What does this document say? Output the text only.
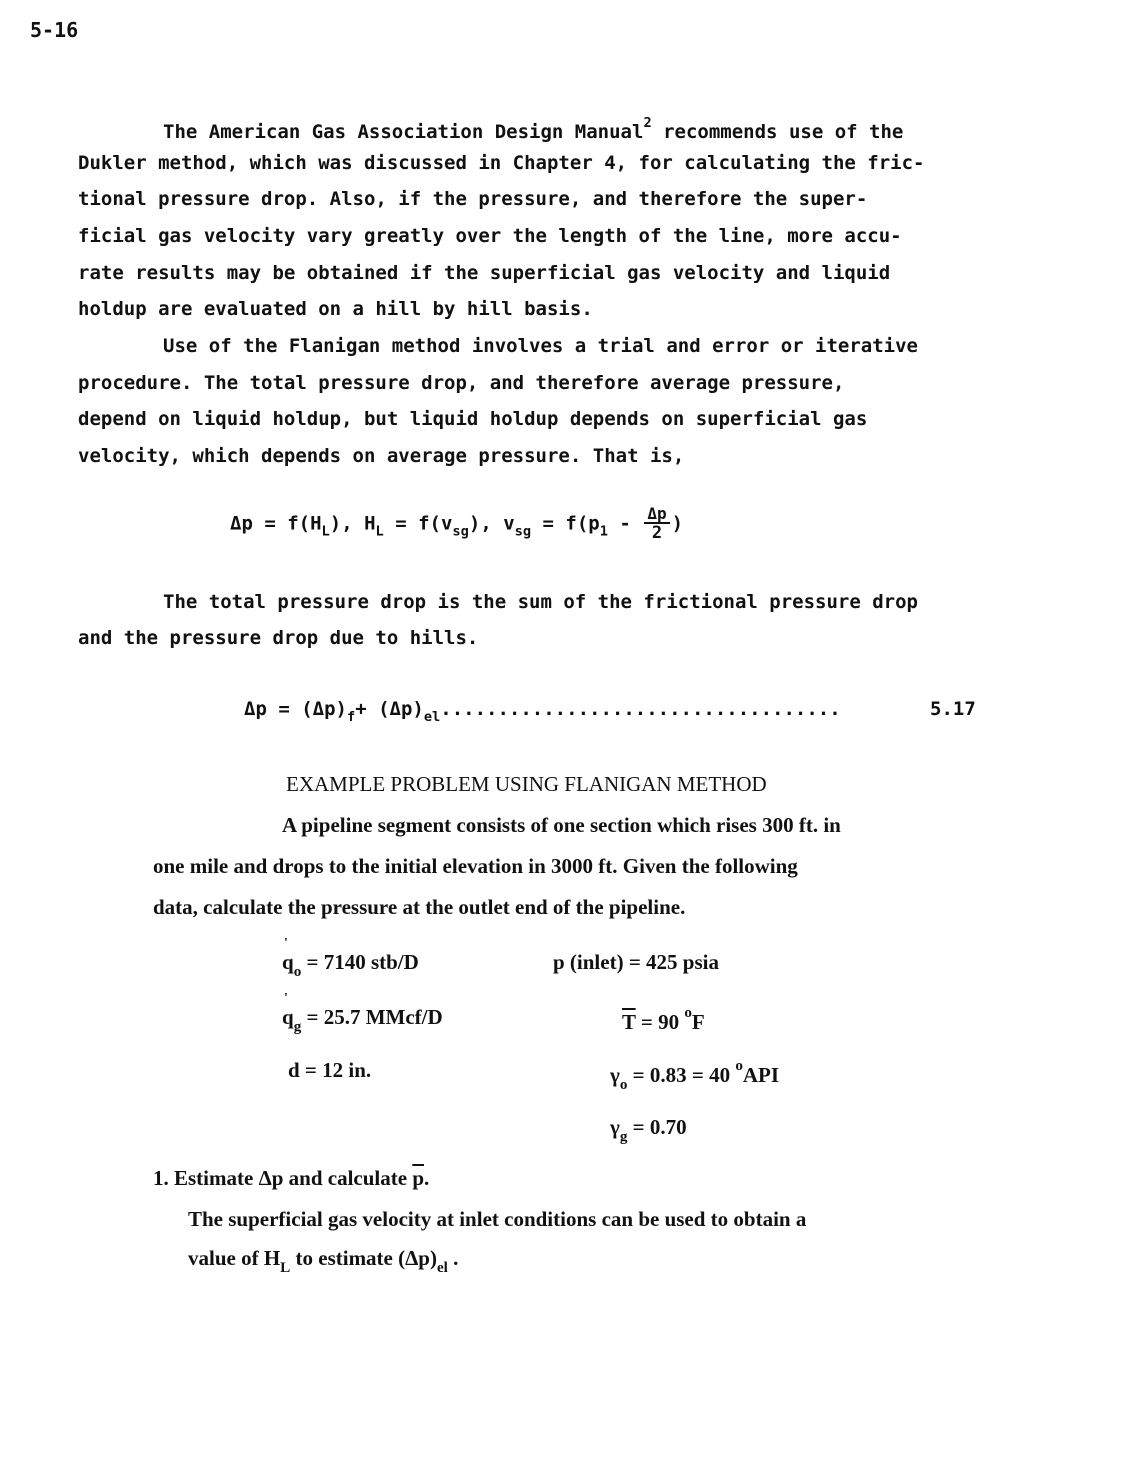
5-16
The American Gas Association Design Manual$^2$ recommends use of the
Dukler method, which was discussed in Chapter 4, for calculating the fric-
tional pressure drop. Also, if the pressure, and therefore the super-
ficial gas velocity vary greatly over the length of the line, more accu-
rate results may be obtained if the superficial gas velocity and liquid
holdup are evaluated on a hill by hill basis.
Use of the Flanigan method involves a trial and error or iterative
procedure. The total pressure drop, and therefore average pressure,
depend on liquid holdup, but liquid holdup depends on superficial gas
velocity, which depends on average pressure. That is,
$\Delta p = f(H_L)$, $H_L = f(v_{sg})$, $v_{sg} = f(p_1 - \frac{\Delta p}{2}$ )
The total pressure drop is the sum of the frictional pressure drop
and the pressure drop due to hills.
$\Delta p = (\Delta p)_f+ (\Delta p)_{el}$...................................	5.17
EXAMPLE PROBLEM USING FLANIGAN METHOD
A pipeline segment consists of one section which rises 300 ft. in
one mile and drops to the initial elevation in 3000 ft. Given the following
data, calculate the pressure at the outlet end of the pipeline.
'
$q_o = 7140$ stb/D
'
$q_g = 25.7$ MMcf/D
d = 12 in.
p (inlet) = 425 psia
$\overline{T} = 90$ $^o$F
$\gamma_o = 0.83 = 40$ $^o$API
$\gamma_g = 0.70$
1. Estimate Δp and calculate $\overline{p}$.
The superficial gas velocity at inlet conditions can be used to obtain a
value of $H_L$ to estimate $(\Delta p)_{el}$ .
